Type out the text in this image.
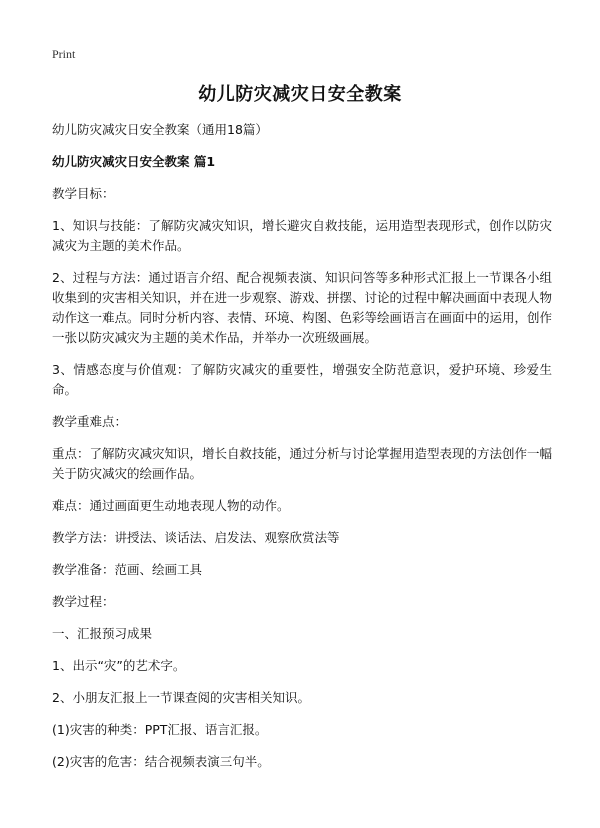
Print
幼儿防灾减灾日安全教案

幼儿防灾减灾日安全教案（通用18篇）

幼儿防灾减灾日安全教案 篇1

教学目标：

1、知识与技能：了解防灾减灾知识，增长避灾自救技能，运用造型表现形式，创作以防灾减灾为主题的美术作品。

2、过程与方法：通过语言介绍、配合视频表演、知识问答等多种形式汇报上一节课各小组收集到的灾害相关知识，并在进一步观察、游戏、拼摆、讨论的过程中解决画面中表现人物动作这一难点。同时分析内容、表情、环境、构图、色彩等绘画语言在画面中的运用，创作一张以防灾减灾为主题的美术作品，并举办一次班级画展。

3、情感态度与价值观：了解防灾减灾的重要性，增强安全防范意识，爱护环境、珍爱生命。

教学重难点：

重点：了解防灾减灾知识，增长自救技能，通过分析与讨论掌握用造型表现的方法创作一幅关于防灾减灾的绘画作品。

难点：通过画面更生动地表现人物的动作。

教学方法：讲授法、谈话法、启发法、观察欣赏法等

教学准备：范画、绘画工具

教学过程：

一、汇报预习成果

1、出示“灾”的艺术字。

2、小朋友汇报上一节课查阅的灾害相关知识。

(1)灾害的种类：PPT汇报、语言汇报。

(2)灾害的危害：结合视频表演三句半。
